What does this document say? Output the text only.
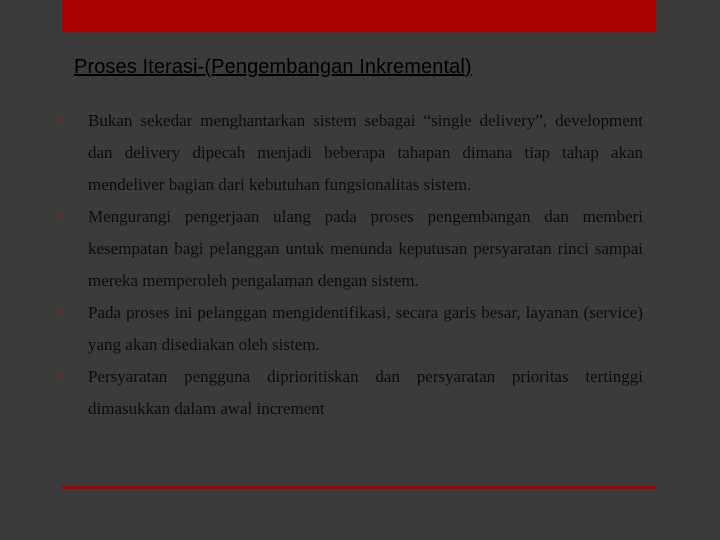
Proses Iterasi-(Pengembangan Inkremental)
▪	Bukan sekedar menghantarkan sistem sebagai “single delivery”, development dan delivery dipecah menjadi beberapa tahapan dimana tiap tahap akan mendeliver bagian dari kebutuhan fungsionalitas sistem.
▪	Mengurangi pengerjaan ulang pada proses pengembangan dan memberi kesempatan bagi pelanggan untuk menunda keputusan persyaratan rinci sampai mereka memperoleh pengalaman dengan sistem.
▪	Pada proses ini pelanggan mengidentifikasi, secara garis besar, layanan (service) yang akan disediakan oleh sistem.
▪	Persyaratan pengguna diprioritiskan dan persyaratan prioritas tertinggi dimasukkan dalam awal increment
